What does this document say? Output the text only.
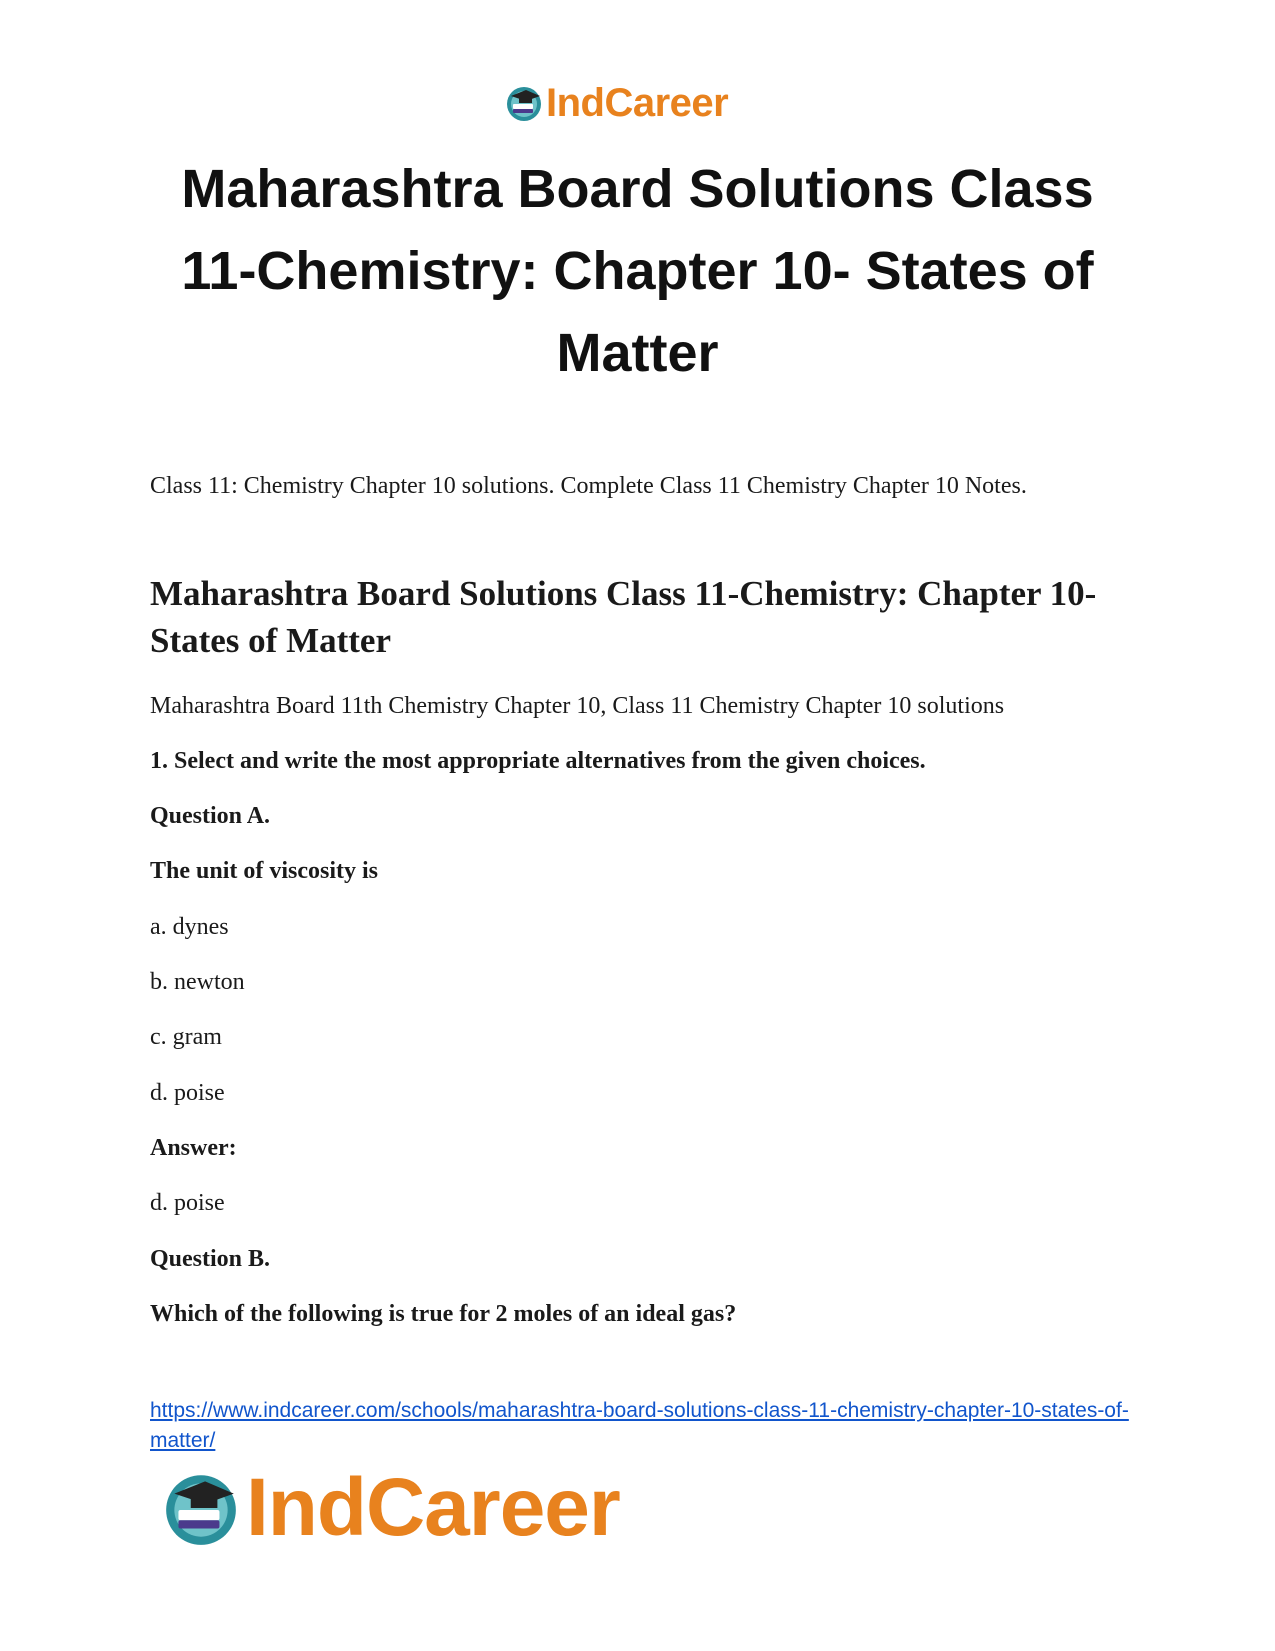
IndCareer
Maharashtra Board Solutions Class 11-Chemistry: Chapter 10- States of Matter

Class 11: Chemistry Chapter 10 solutions. Complete Class 11 Chemistry Chapter 10 Notes.

Maharashtra Board Solutions Class 11-Chemistry: Chapter 10- States of Matter

Maharashtra Board 11th Chemistry Chapter 10, Class 11 Chemistry Chapter 10 solutions

1. Select and write the most appropriate alternatives from the given choices.

Question A.

The unit of viscosity is

a. dynes

b. newton

c. gram

d. poise

Answer:

d. poise

Question B.

Which of the following is true for 2 moles of an ideal gas?

https://www.indcareer.com/schools/maharashtra-board-solutions-class-11-chemistry-chapter-10-states-of-matter/
IndCareer
